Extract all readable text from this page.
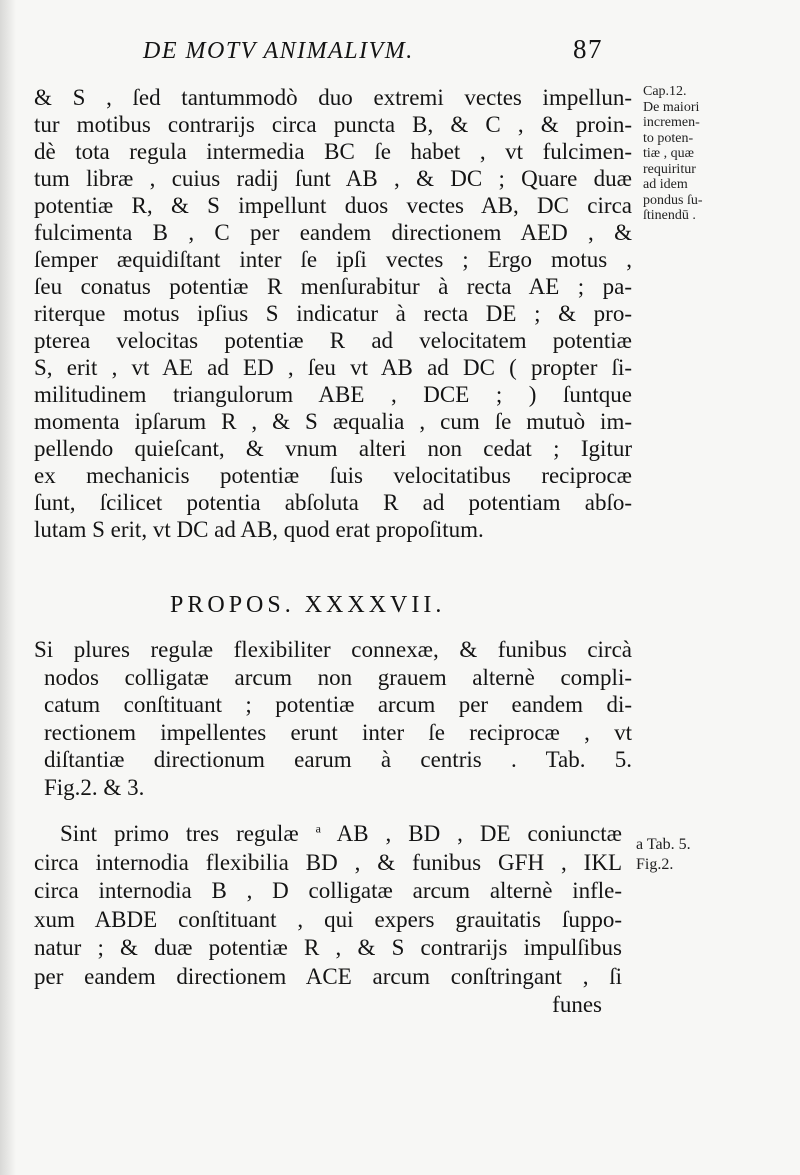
DE MOTV ANIMALIVM.	87
& S , ſed tantummodò duo extremi vectes impellun-
tur motibus contrarijs circa puncta B, & C , & proin-
dè tota regula intermedia BC ſe habet , vt fulcimen-
tum libræ , cuius radij ſunt AB , & DC ; Quare duæ
potentiæ R, & S impellunt duos vectes AB, DC circa
fulcimenta B , C per eandem directionem AED , &
ſemper æquidiſtant inter ſe ipſi vectes ; Ergo motus ,
ſeu conatus potentiæ R menſurabitur à recta AE ; pa-
riterque motus ipſius S indicatur à recta DE ; & pro-
pterea velocitas potentiæ R ad velocitatem potentiæ
S, erit , vt AE ad ED , ſeu vt AB ad DC ( propter ſi-
militudinem triangulorum ABE , DCE ; ) ſuntque
momenta ipſarum R , & S æqualia , cum ſe mutuò im-
pellendo quieſcant, & vnum alteri non cedat ; Igitur
ex mechanicis potentiæ ſuis velocitatibus reciprocæ
ſunt, ſcilicet potentia abſoluta R ad potentiam abſo-
lutam S erit, vt DC ad AB, quod erat propoſitum.
PROPOS. XXXXVII.
Si plures regulæ flexibiliter connexæ, & funibus circà
nodos colligatæ arcum non grauem alternè compli-
catum conſtituant ; potentiæ arcum per eandem di-
rectionem impellentes erunt inter ſe reciprocæ , vt
diſtantiæ directionum earum à centris . Tab. 5.
Fig.2. & 3.
Sint primo tres regulæ $^a$ AB , BD , DE coniunctæ
circa internodia flexibilia BD , & funibus GFH , IKL
circa internodia B , D colligatæ arcum alternè infle-
xum ABDE conſtituant , qui expers grauitatis ſuppo-
natur ; & duæ potentiæ R , & S contrarijs impulſibus
per eandem directionem ACE arcum conſtringant , ſi
funes
Cap.12.
De maiori
incremen-
to poten-
tiæ , quæ
requiritur
ad idem
pondus ſu-
ſtinendū .
a Tab. 5.
Fig.2.
